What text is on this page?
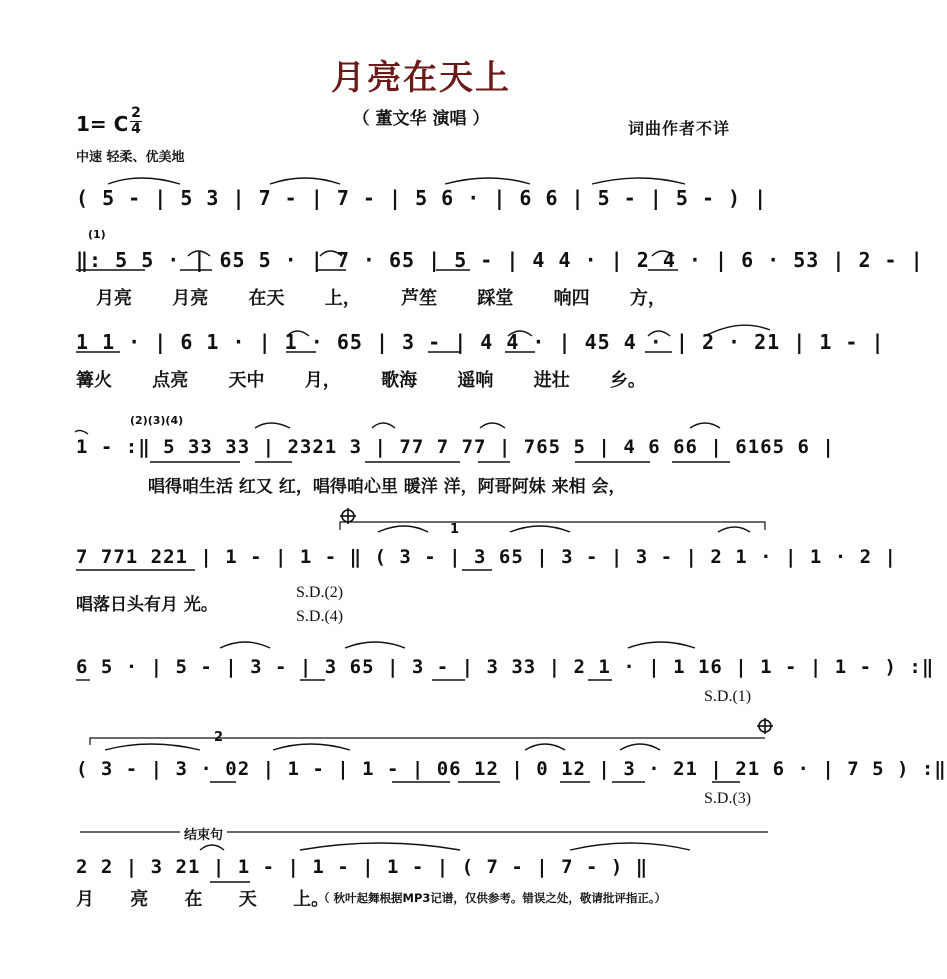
月亮在天上
（ 董文华 演唱 ）	词曲作者不详
1= C 2
4
中速 轻柔、优美地
( 5 - | 5 3 | 7 - | 7 - | 5 6 · | 6 6 | 5 - | 5 - ) |
(1)
‖: 5 5 · | 65 5 · | 7 · 65 | 5 - | 4 4 · | 2 4 · | 6 · 53 | 2 - |
月亮 月亮 在天 上， 芦笙 踩堂 响四 方，
1 1 · | 6 1 · | 1 · 65 | 3 - | 4 4 · | 45 4 · | 2 · 21 | 1 - |
篝火 点亮 天中 月， 歌海 遥响 进壮 乡。
(2)(3)(4)
1 - :‖ 5 33 33 | 2321 3 | 77 7 77 | 765 5 | 4 6 66 | 6165 6 |
唱得咱生活 红又 红，唱得咱心里 暖洋 洋，阿哥阿妹 来相 会，
1
7 771 221 | 1 - | 1 - ‖ ( 3 - | 3 65 | 3 - | 3 - | 2 1 · | 1 · 2 |
唱落日头有月 光。
S.D.(2)
S.D.(4)
6 5 · | 5 - | 3 - | 3 65 | 3 - | 3 33 | 2 1 · | 1 16 | 1 - | 1 - ) :‖
S.D.(1)
2
( 3 - | 3 · 02 | 1 - | 1 - | 06 12 | 0 12 | 3 · 21 | 21 6 · | 7 5 ) :‖
S.D.(3)
结束句
2 2 | 3 21 | 1 - | 1 - | 1 - | ( 7 - | 7 - ) ‖
月 亮 在 天 上。
（ 秋叶起舞根据MP3记谱，仅供参考。错误之处，敬请批评指正。）
